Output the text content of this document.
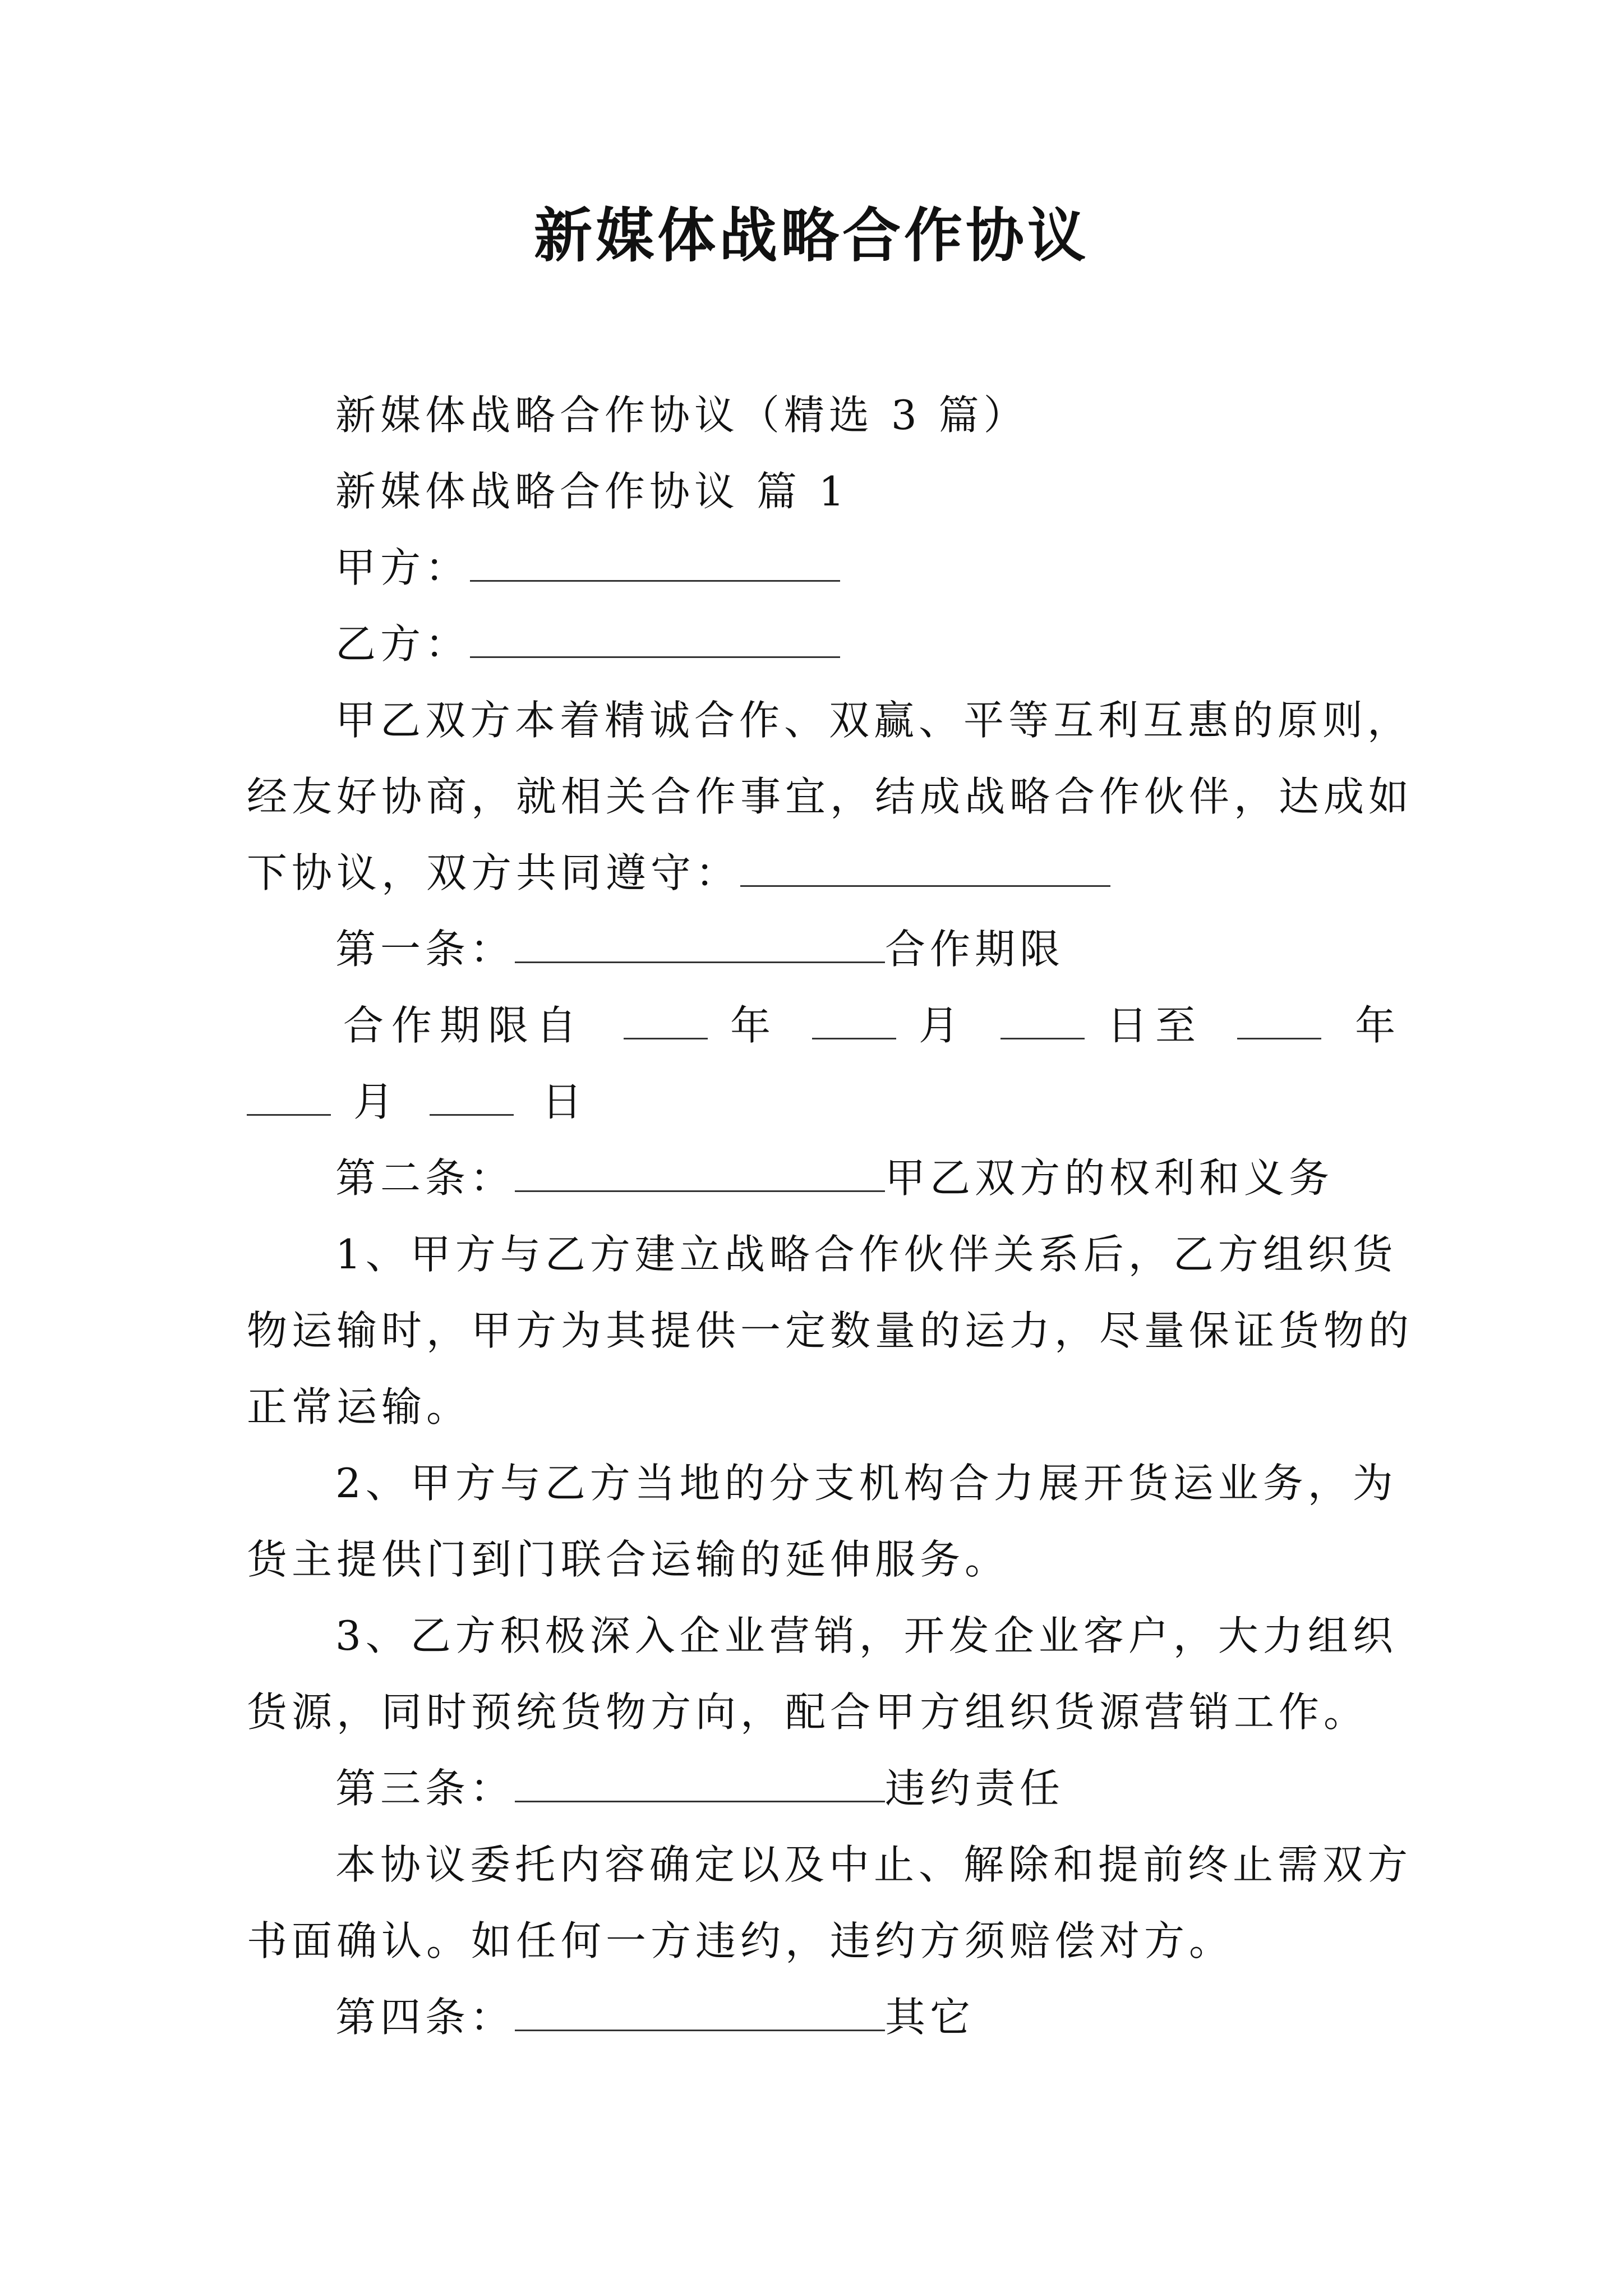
新媒体战略合作协议
新媒体战略合作协议（精选 3 篇）
新媒体战略合作协议 篇 1
甲方：
乙方：
甲乙双方本着精诚合作、双赢、平等互利互惠的原则，
经友好协商，就相关合作事宜，结成战略合作伙伴，达成如
下协议，双方共同遵守：
第一条：	合作期限
合作期限自	年	月	日至	年
月	日
第二条：	甲乙双方的权利和义务
1、甲方与乙方建立战略合作伙伴关系后，乙方组织货
物运输时，甲方为其提供一定数量的运力，尽量保证货物的
正常运输。
2、甲方与乙方当地的分支机构合力展开货运业务，为
货主提供门到门联合运输的延伸服务。
3、乙方积极深入企业营销，开发企业客户，大力组织
货源，同时预统货物方向，配合甲方组织货源营销工作。
第三条：	违约责任
本协议委托内容确定以及中止、解除和提前终止需双方
书面确认。如任何一方违约，违约方须赔偿对方。
第四条：	其它
